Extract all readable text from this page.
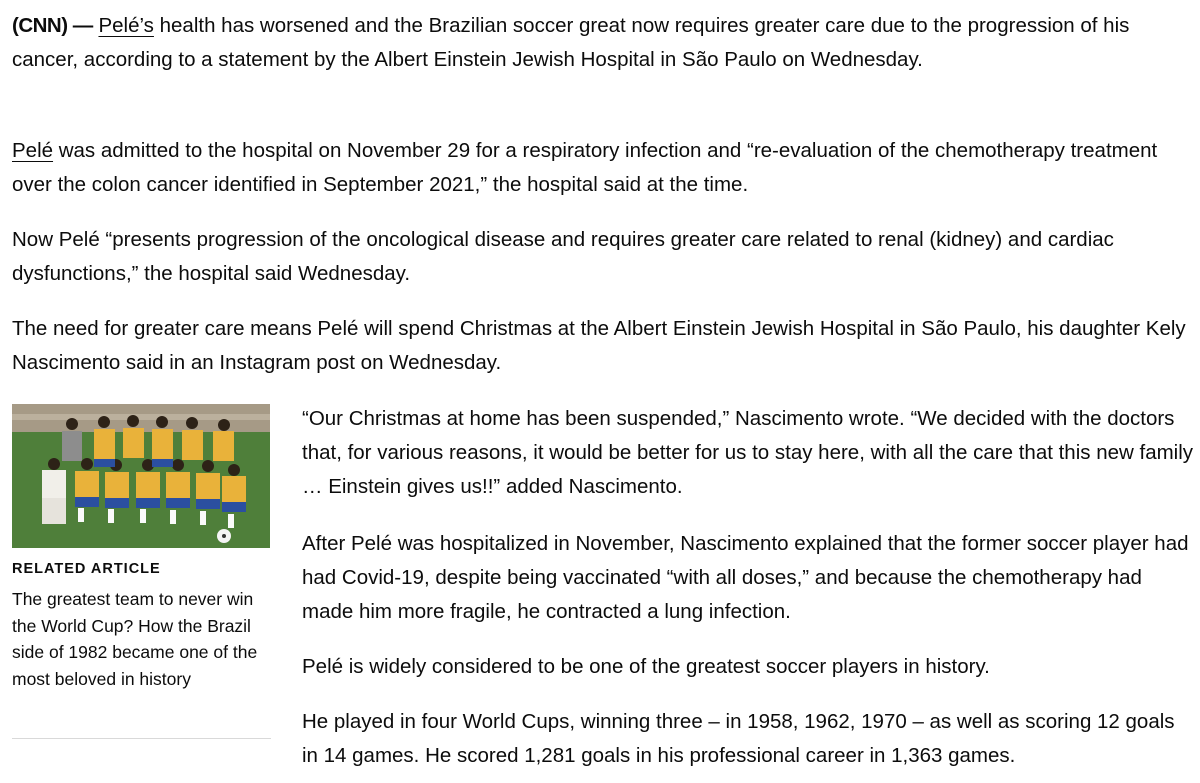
(CNN) — Pelé’s health has worsened and the Brazilian soccer great now requires greater care due to the progression of his cancer, according to a statement by the Albert Einstein Jewish Hospital in São Paulo on Wednesday.

Pelé was admitted to the hospital on November 29 for a respiratory infection and “re-evaluation of the chemotherapy treatment over the colon cancer identified in September 2021,” the hospital said at the time.

Now Pelé “presents progression of the oncological disease and requires greater care related to renal (kidney) and cardiac dysfunctions,” the hospital said Wednesday.

The need for greater care means Pelé will spend Christmas at the Albert Einstein Jewish Hospital in São Paulo, his daughter Kely Nascimento said in an Instagram post on Wednesday.

RELATED ARTICLE
The greatest team to never win the World Cup? How the Brazil side of 1982 became one of the most beloved in history

“Our Christmas at home has been suspended,” Nascimento wrote. “We decided with the doctors that, for various reasons, it would be better for us to stay here, with all the care that this new family … Einstein gives us!!” added Nascimento.

After Pelé was hospitalized in November, Nascimento explained that the former soccer player had had Covid-19, despite being vaccinated “with all doses,” and because the chemotherapy had made him more fragile, he contracted a lung infection.

Pelé is widely considered to be one of the greatest soccer players in history.

He played in four World Cups, winning three – in 1958, 1962, 1970 – as well as scoring 12 goals in 14 games. He scored 1,281 goals in his professional career in 1,363 games.
